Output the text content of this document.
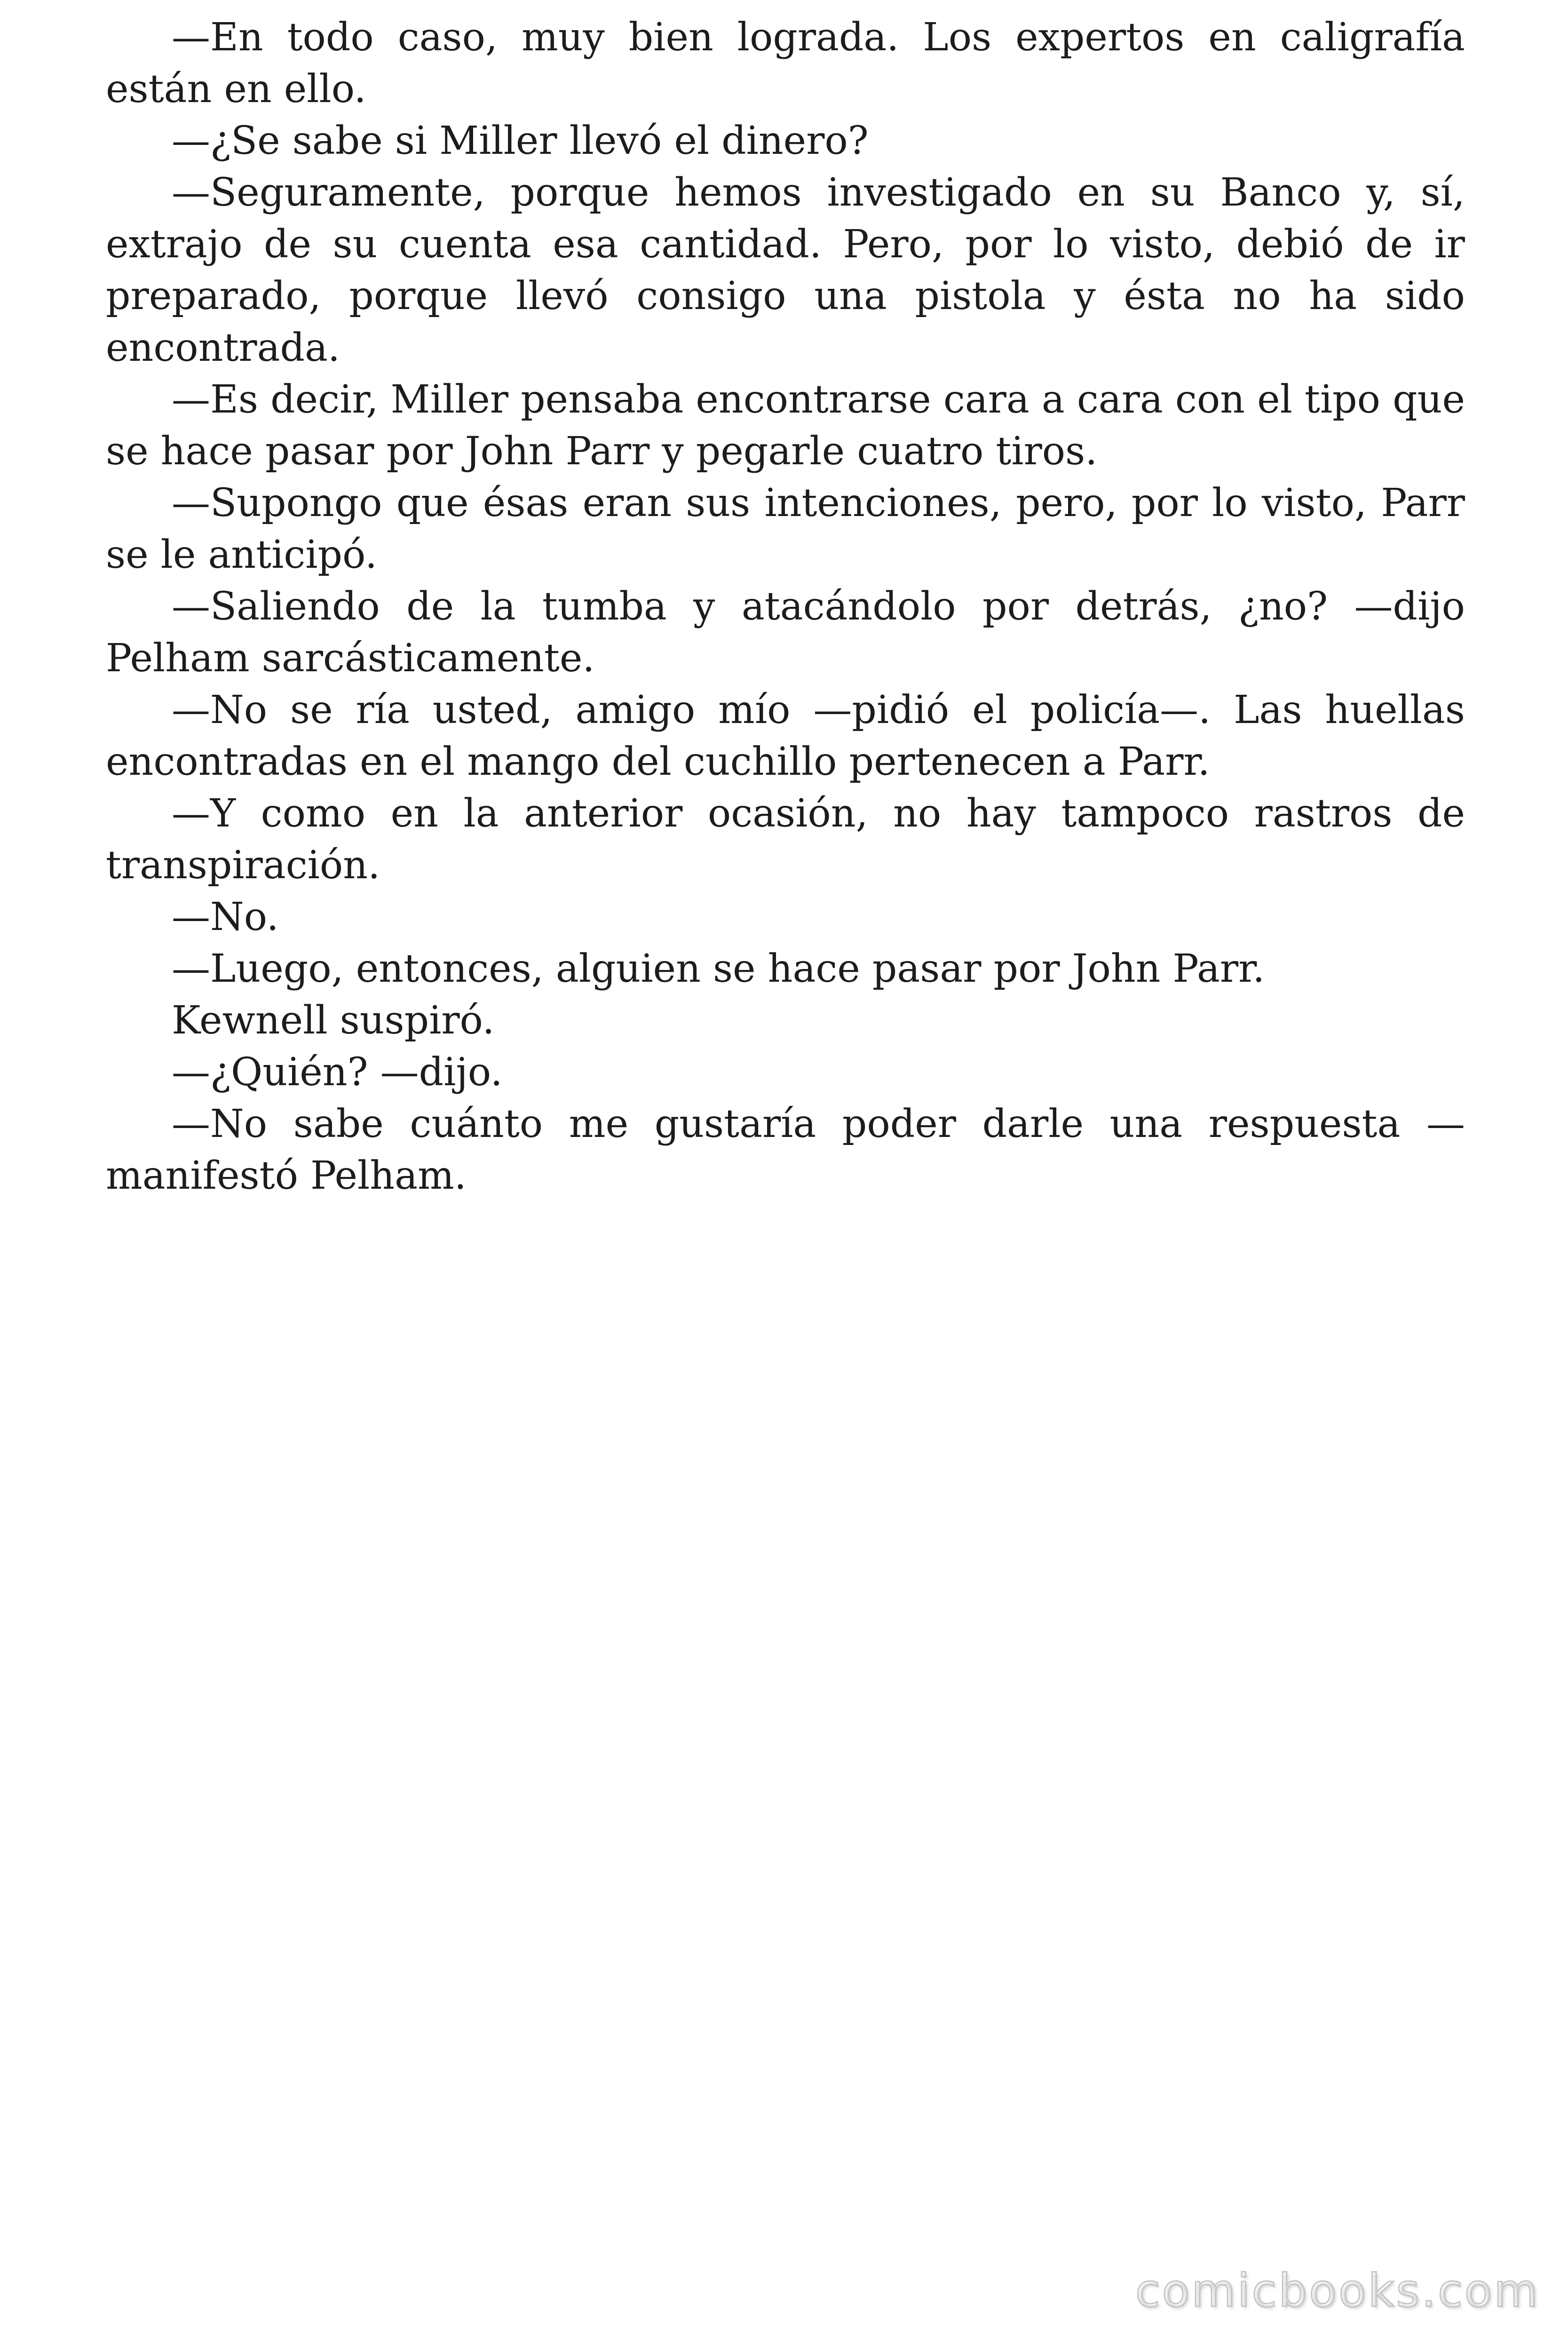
—En todo caso, muy bien lograda. Los expertos en caligrafía están en ello.

—¿Se sabe si Miller llevó el dinero?

—Seguramente, porque hemos investigado en su Banco y, sí, extrajo de su cuenta esa cantidad. Pero, por lo visto, debió de ir preparado, porque llevó consigo una pistola y ésta no ha sido encontrada.

—Es decir, Miller pensaba encontrarse cara a cara con el tipo que se hace pasar por John Parr y pegarle cuatro tiros.

—Supongo que ésas eran sus intenciones, pero, por lo visto, Parr se le anticipó.

—Saliendo de la tumba y atacándolo por detrás, ¿no? —dijo Pelham sarcásticamente.

—No se ría usted, amigo mío —pidió el policía—. Las huellas encontradas en el mango del cuchillo pertenecen a Parr.

—Y como en la anterior ocasión, no hay tampoco rastros de transpiración.

—No.

—Luego, entonces, alguien se hace pasar por John Parr.

Kewnell suspiró.

—¿Quién? —dijo.

—No sabe cuánto me gustaría poder darle una respuesta —manifestó Pelham.

comicbooks.com
